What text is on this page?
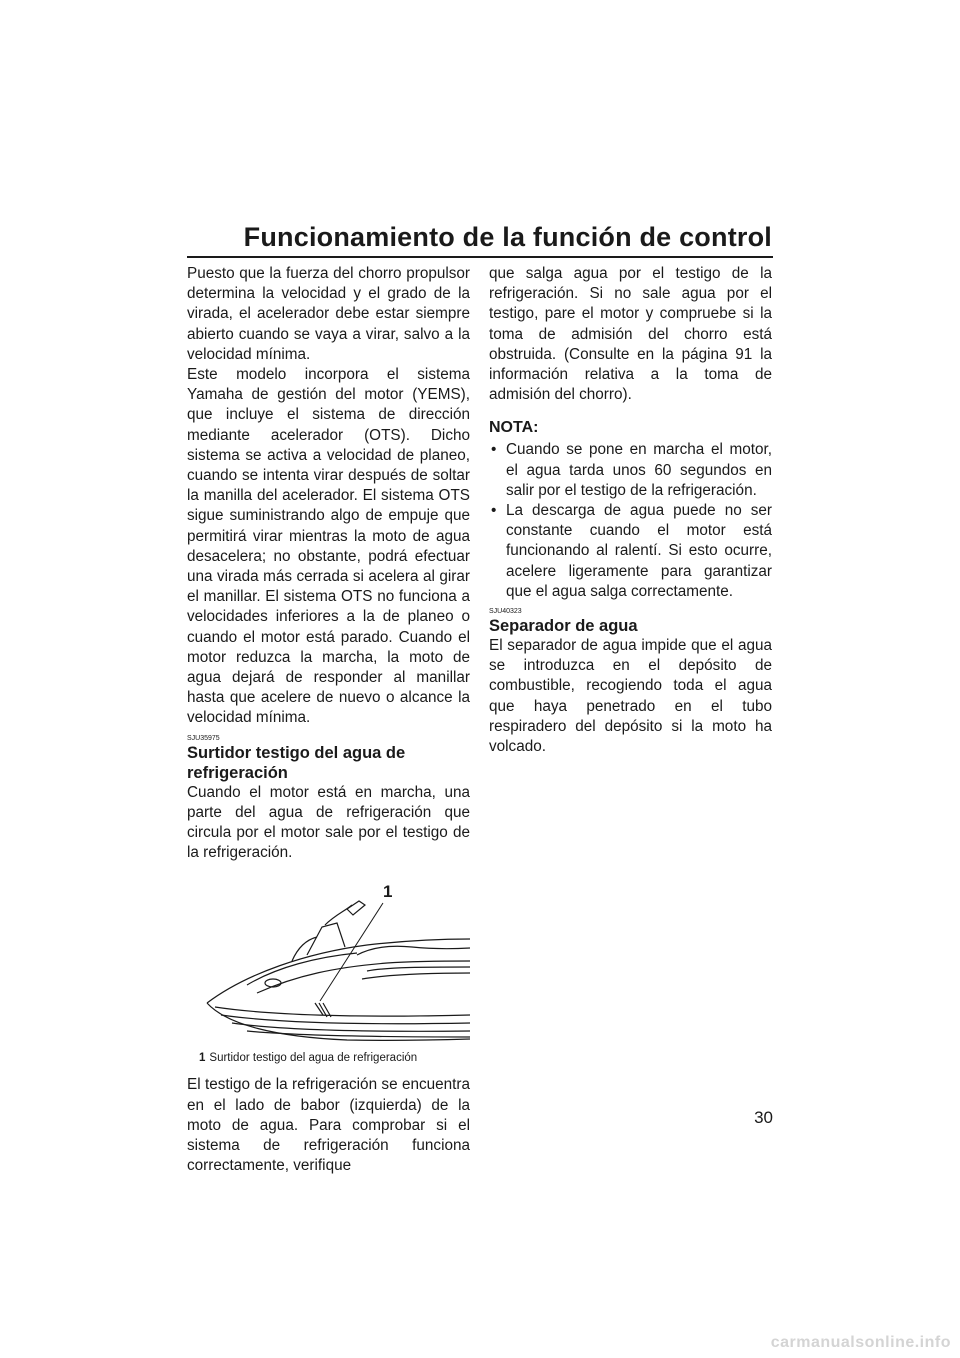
Funcionamiento de la función de control

Puesto que la fuerza del chorro propulsor determina la velocidad y el grado de la virada, el acelerador debe estar siempre abierto cuando se vaya a virar, salvo a la velocidad mínima.

Este modelo incorpora el sistema Yamaha de gestión del motor (YEMS), que incluye el sistema de dirección mediante acelerador (OTS). Dicho sistema se activa a velocidad de planeo, cuando se intenta virar después de soltar la manilla del acelerador. El sistema OTS sigue suministrando algo de empuje que permitirá virar mientras la moto de agua desacelera; no obstante, podrá efectuar una virada más cerrada si acelera al girar el manillar. El sistema OTS no funciona a velocidades inferiores a la de planeo o cuando el motor está parado. Cuando el motor reduzca la marcha, la moto de agua dejará de responder al manillar hasta que acelere de nuevo o alcance la velocidad mínima.

SJU35975
Surtidor testigo del agua de refrigeración

Cuando el motor está en marcha, una parte del agua de refrigeración que circula por el motor sale por el testigo de la refrigeración.

1
1 Surtidor testigo del agua de refrigeración

El testigo de la refrigeración se encuentra en el lado de babor (izquierda) de la moto de agua. Para comprobar si el sistema de refrigeración funciona correctamente, verifique

que salga agua por el testigo de la refrigeración. Si no sale agua por el testigo, pare el motor y compruebe si la toma de admisión del chorro está obstruida. (Consulte en la página 91 la información relativa a la toma de admisión del chorro).

NOTA:
• Cuando se pone en marcha el motor, el agua tarda unos 60 segundos en salir por el testigo de la refrigeración.
• La descarga de agua puede no ser constante cuando el motor está funcionando al ralentí. Si esto ocurre, acelere ligeramente para garantizar que el agua salga correctamente.
SJU40323
Separador de agua

El separador de agua impide que el agua se introduzca en el depósito de combustible, recogiendo toda el agua que haya penetrado en el tubo respiradero del depósito si la moto ha volcado.

30
carmanualsonline.info
